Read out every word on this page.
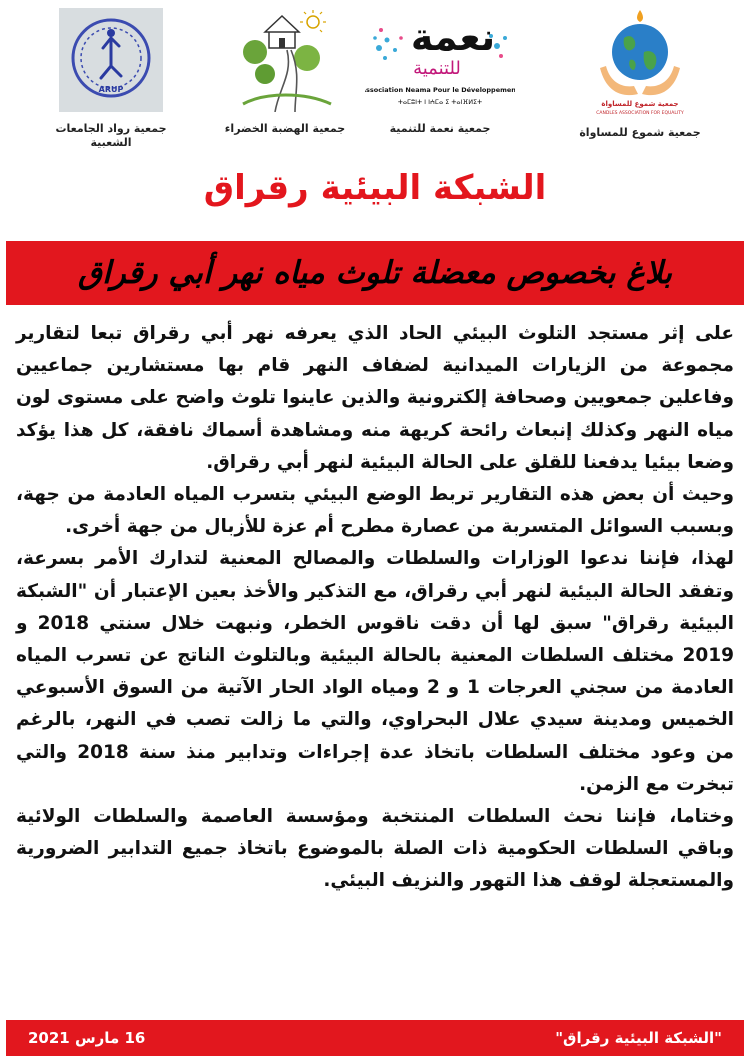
ARUP
جمعية رواد الجامعات الشعبية
جمعية الهضبة الخضراء
نعمة
للتنمية
Association Neama Pour le Développement
ⵜⴰⵎⵓⵏⵜ ⵏ ⵏⵄⵎⴰ ⵉ ⵜⴰⵏⴼⵍⵉⵜ
جمعية نعمة للتنمية
جمعية شموع للمساواة
CANDLES ASSOCIATION FOR EQUALITY
جمعية شموع للمساواة
الشبكة البيئية رقراق
بلاغ بخصوص معضلة تلوث مياه نهر أبي رقراق

على إثر مستجد التلوث البيئي الحاد الذي يعرفه نهر أبي رقراق تبعا لتقارير مجموعة من الزيارات الميدانية لضفاف النهر قام بها مستشارين جماعيين وفاعلين جمعويين وصحافة إلكترونية والذين عاينوا تلوث واضح على مستوى لون مياه النهر وكذلك إنبعاث رائحة كريهة منه ومشاهدة أسماك نافقة، كل هذا يؤكد وضعا بيئيا يدفعنا للقلق على الحالة البيئية لنهر أبي رقراق.

وحيث أن بعض هذه التقارير تربط الوضع البيئي بتسرب المياه العادمة من جهة، وبسبب السوائل المتسربة من عصارة مطرح أم عزة للأزبال من جهة أخرى.

لهذا، فإننا ندعوا الوزارات والسلطات والمصالح المعنية لتدارك الأمر بسرعة، وتفقد الحالة البيئية لنهر أبي رقراق، مع التذكير والأخذ بعين الإعتبار أن "الشبكة البيئية رقراق" سبق لها أن دقت ناقوس الخطر، ونبهت خلال سنتي 2018 و 2019 مختلف السلطات المعنية بالحالة البيئية وبالتلوث الناتج عن تسرب المياه العادمة من سجني العرجات 1 و 2 ومياه الواد الحار الآتية من السوق الأسبوعي الخميس ومدينة سيدي علال البحراوي، والتي ما زالت تصب في النهر، بالرغم من وعود مختلف السلطات باتخاذ عدة إجراءات وتدابير منذ سنة 2018 والتي تبخرت مع الزمن.

وختاما، فإننا نحث السلطات المنتخبة ومؤسسة العاصمة والسلطات الولائية وباقي السلطات الحكومية ذات الصلة بالموضوع باتخاذ جميع التدابير الضرورية والمستعجلة لوقف هذا التهور والنزيف البيئي.

16 مارس 2021	"الشبكة البيئية رقراق"
